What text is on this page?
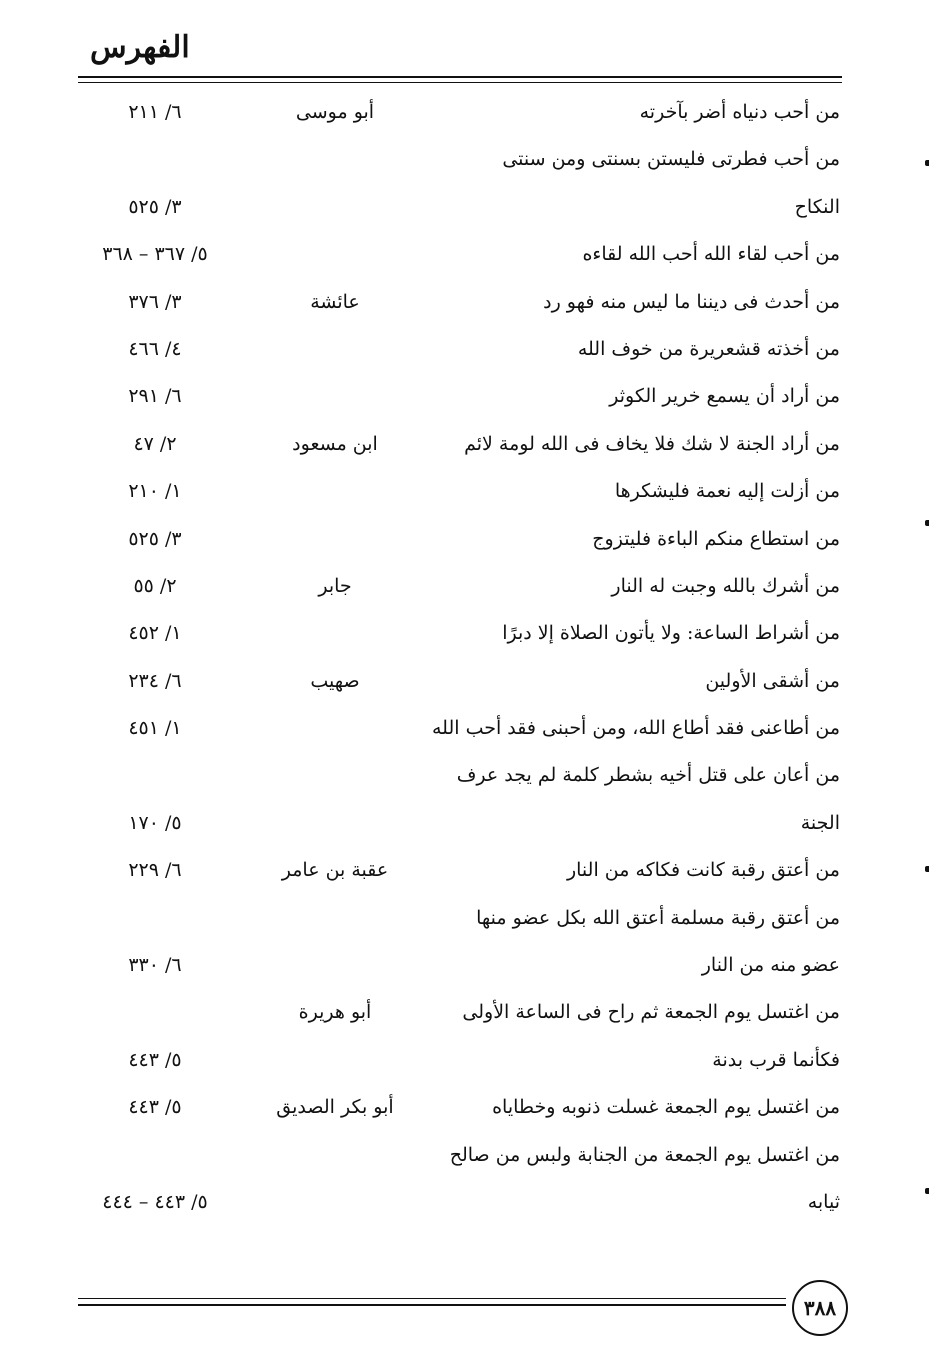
الفهرس
من أحب دنياه أضر بآخرته
أبو موسى
٦/ ٢١١
من أحب فطرتى فليستن بسنتى ومن سنتى
النكاح
٣/ ٥٢٥
من أحب لقاء الله أحب الله لقاءه
٥/ ٣٦٧ – ٣٦٨
من أحدث فى ديننا ما ليس منه فهو رد
عائشة
٣/ ٣٧٦
من أخذته قشعريرة من خوف الله
٤/ ٤٦٦
من أراد أن يسمع خرير الكوثر
٦/ ٢٩١
من أراد الجنة لا شك فلا يخاف فى الله لومة لائم
ابن مسعود
٢/ ٤٧
من أزلت إليه نعمة فليشكرها
١/ ٢١٠
من استطاع منكم الباءة فليتزوج
٣/ ٥٢٥
من أشرك بالله وجبت له النار
جابر
٢/ ٥٥
من أشراط الساعة: ولا يأتون الصلاة إلا دبرًا
١/ ٤٥٢
من أشقى الأولين
صهيب
٦/ ٢٣٤
من أطاعنى فقد أطاع الله، ومن أحبنى فقد أحب الله
١/ ٤٥١
من أعان على قتل أخيه بشطر كلمة لم يجد عرف
الجنة
٥/ ١٧٠
من أعتق رقبة كانت فكاكه من النار
عقبة بن عامر
٦/ ٢٢٩
من أعتق رقبة مسلمة أعتق الله بكل عضو منها
عضو منه من النار
٦/ ٣٣٠
من اغتسل يوم الجمعة ثم راح فى الساعة الأولى
أبو هريرة
فكأنما قرب بدنة
٥/ ٤٤٣
من اغتسل يوم الجمعة غسلت ذنوبه وخطاياه
أبو بكر الصديق
٥/ ٤٤٣
من اغتسل يوم الجمعة من الجنابة ولبس من صالح
ثيابه
٥/ ٤٤٣ – ٤٤٤
٣٨٨
